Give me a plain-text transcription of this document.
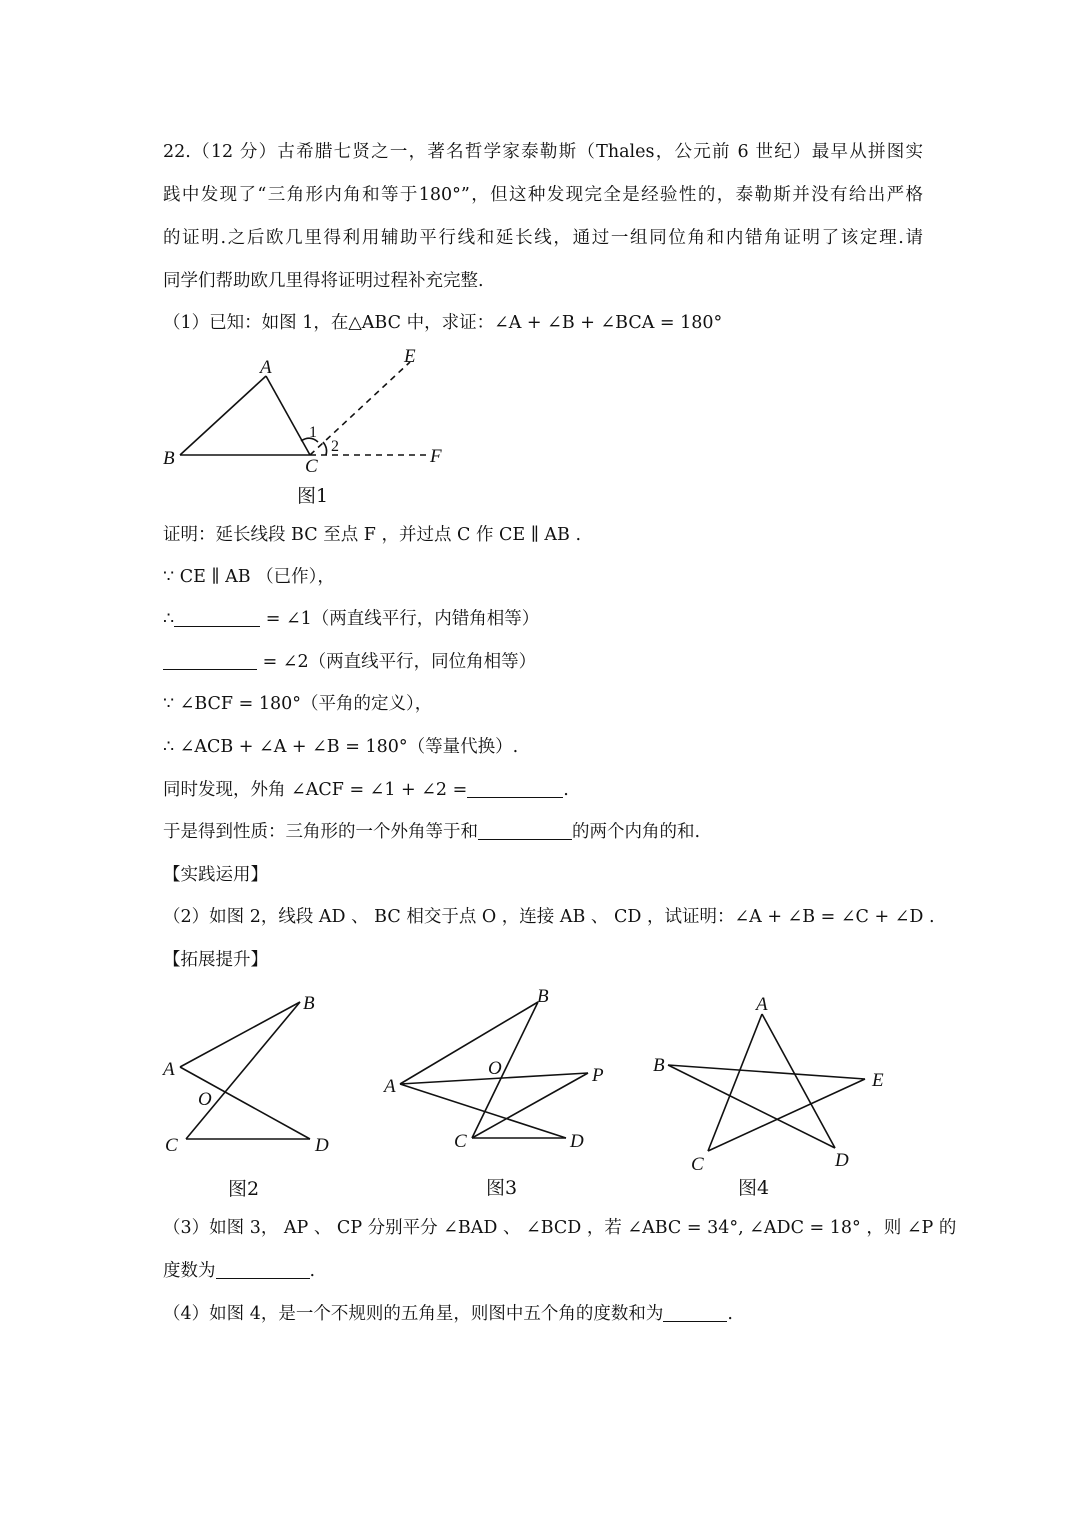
22.（12 分）古希腊七贤之一，著名哲学家泰勒斯（Thales，公元前 6 世纪）最早从拼图实
践中发现了“三角形内角和等于180°”，但这种发现完全是经验性的，泰勒斯并没有给出严格
的证明.之后欧几里得利用辅助平行线和延长线，通过一组同位角和内错角证明了该定理.请
同学们帮助欧几里得将证明过程补充完整.
（1）已知：如图 1，在△ABC 中，求证：∠A + ∠B + ∠BCA = 180°
A
B	C
E
F
1
2
图1
证明：延长线段 BC 至点 F ，并过点 C 作 CE ∥ AB .
∵ CE ∥ AB （已作），
∴	= ∠1（两直线平行，内错角相等）
= ∠2（两直线平行，同位角相等）
∵ ∠BCF = 180°（平角的定义），
∴ ∠ACB + ∠A + ∠B = 180°（等量代换）.
同时发现，外角 ∠ACF = ∠1 + ∠2 =	.
于是得到性质：三角形的一个外角等于和	的两个内角的和.
【实践运用】
（2）如图 2，线段 AD 、 BC 相交于点 O ，连接 AB 、 CD ，试证明：∠A + ∠B = ∠C + ∠D .
【拓展提升】
B
A
O
C	D
图2
B
A
O	P
C	D
图3
A
B
E
C	D
图4
（3）如图 3， AP 、 CP 分别平分 ∠BAD 、 ∠BCD ，若 ∠ABC = 34°, ∠ADC = 18° ，则 ∠P 的
度数为	.
（4）如图 4，是一个不规则的五角星，则图中五个角的度数和为	.
